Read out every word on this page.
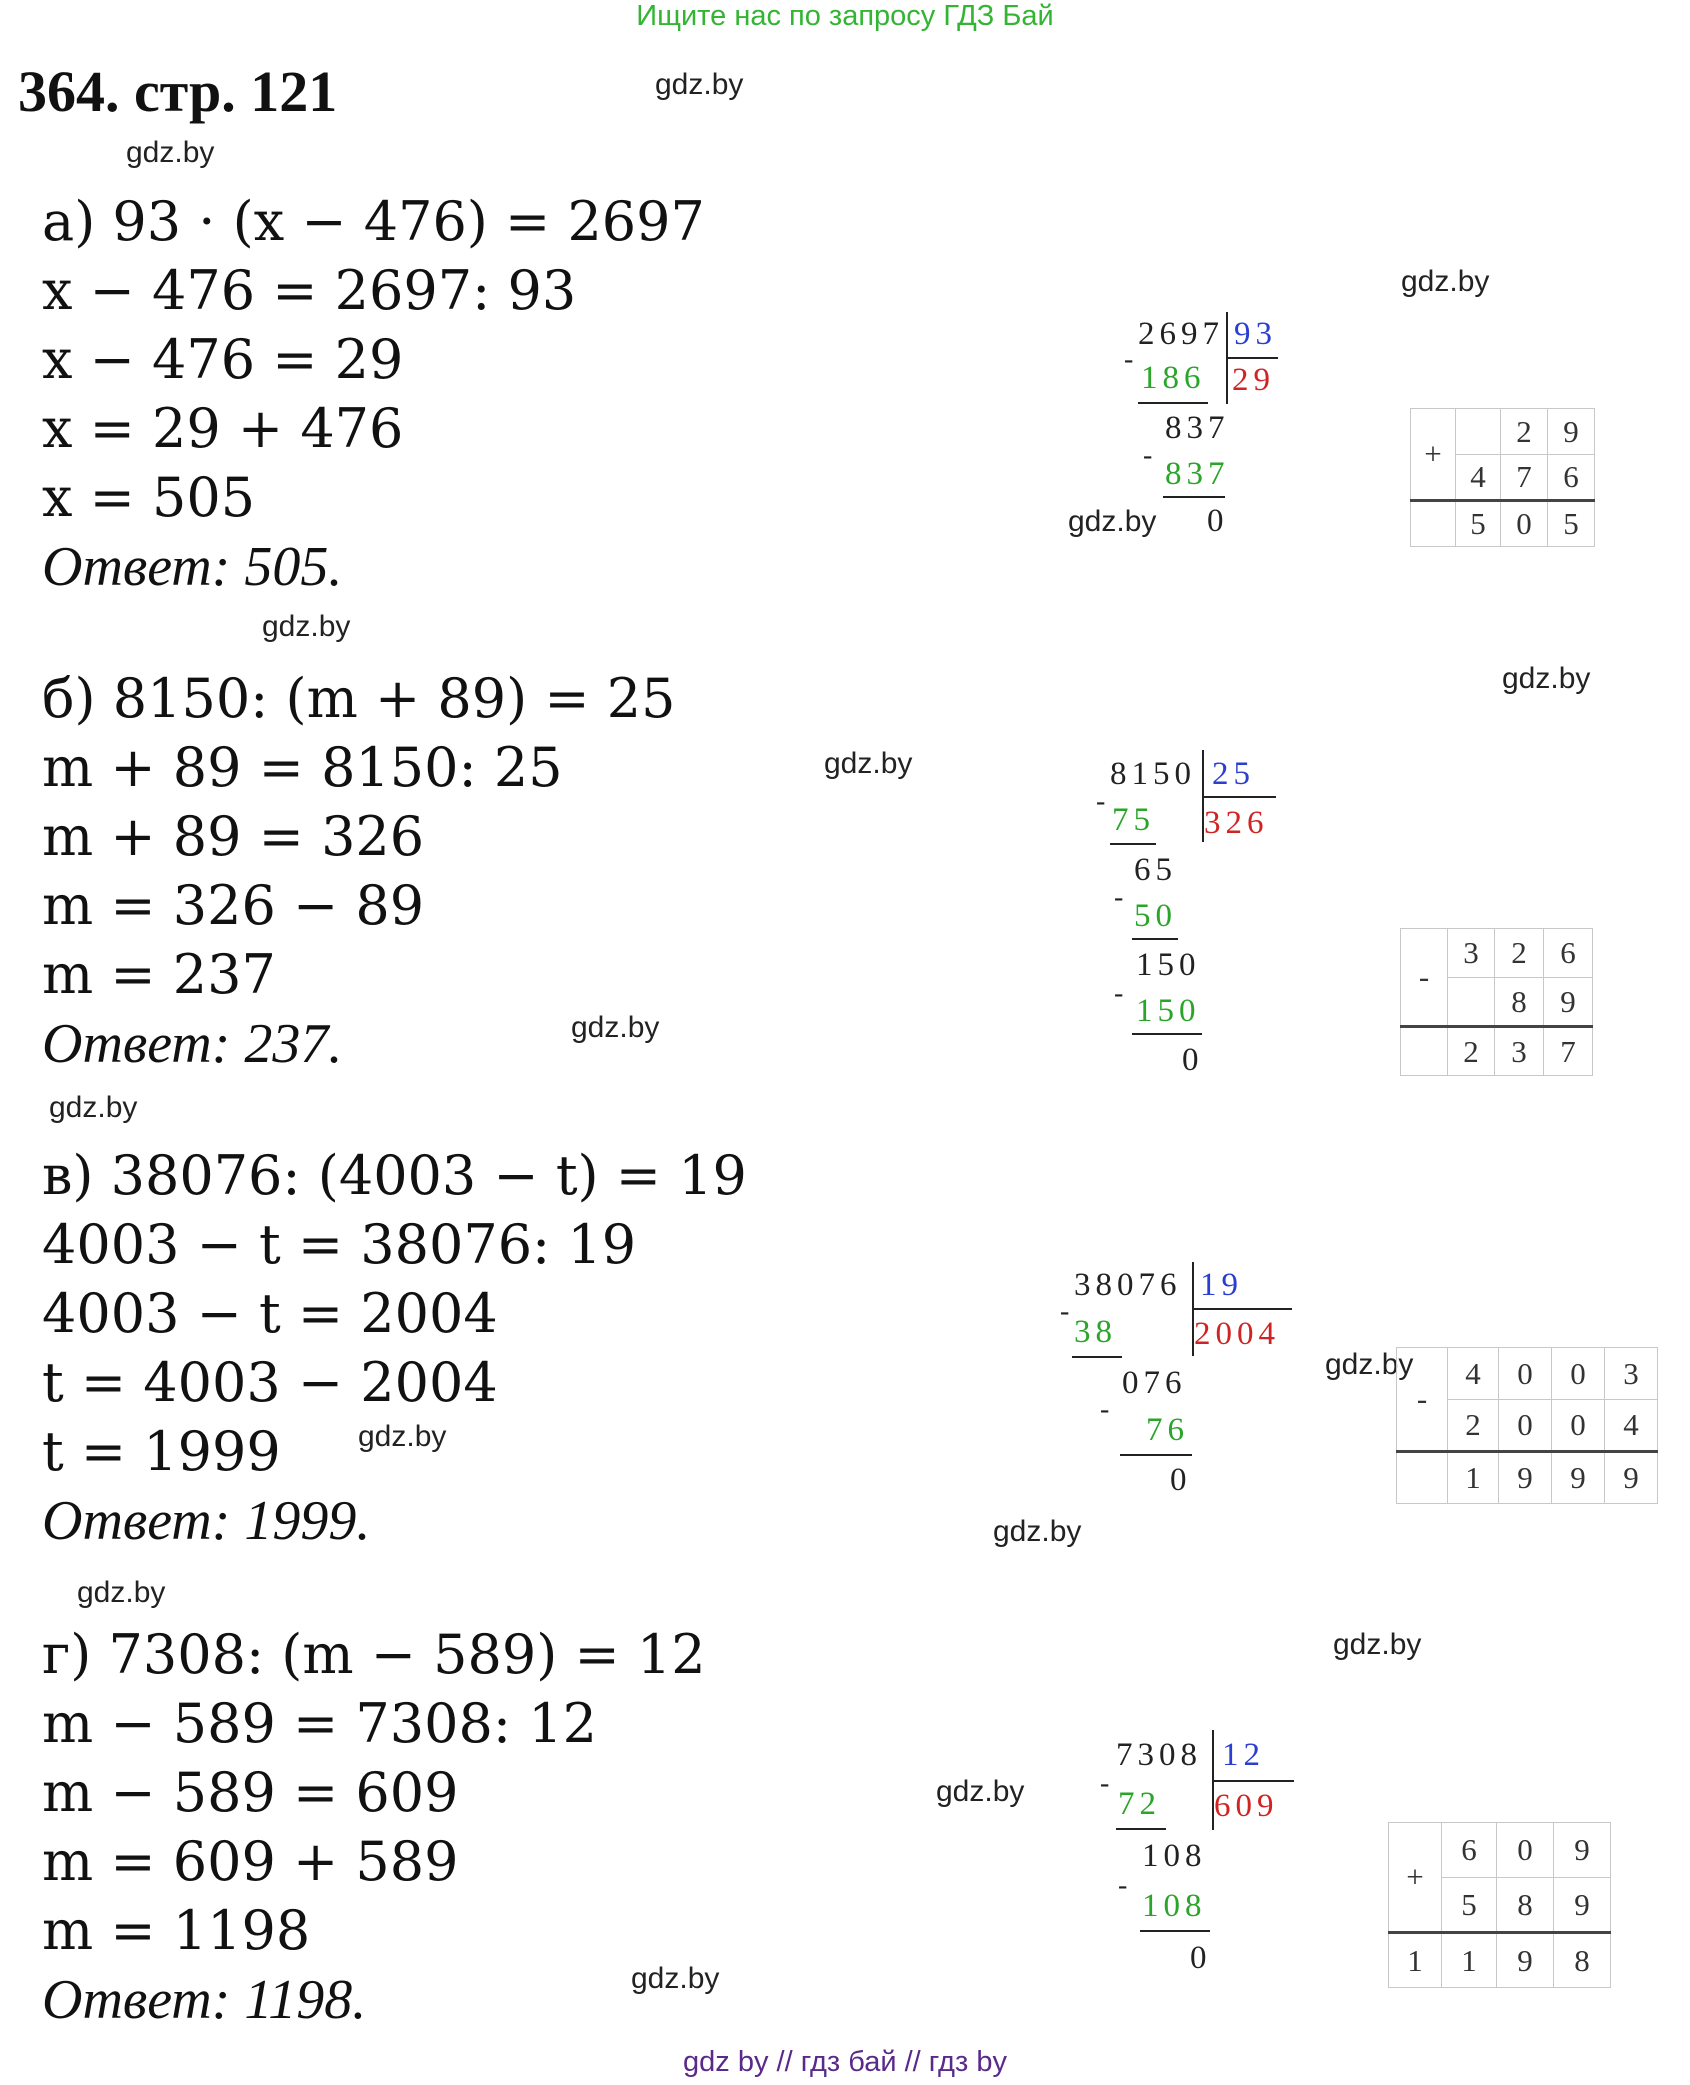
Ищите нас по запросу ГДЗ Бай
364. стр. 121	gdz.by
gdz.by
gdz.by
gdz.by
gdz.by
gdz.by
gdz.by
gdz.by
gdz.by
gdz.by
gdz.by
gdz.by
gdz.by
gdz.by
gdz.by
gdz.by
а) 93 · (x − 476) = 2697
x − 476 = 2697: 93
x − 476 = 29
x = 29 + 476
x = 505
Ответ: 505.
2697 93
-
186 29
837
-
837
0
+		2	9
	4	7	6
	5	0	5
б) 8150: (m + 89) = 25
m + 89 = 8150: 25
m + 89 = 326
m = 326 − 89
m = 237
Ответ: 237.
8150 25
-
75 326
65
-
50
150
- 150
0
-	3	2	6
		8	9
	2	3	7
в) 38076: (4003 − t) = 19
4003 − t = 38076: 19
4003 − t = 2004
t = 4003 − 2004
t = 1999
Ответ: 1999.
38076 19
-
38 2004
076
-
76
0
-	4	0	0	3
	2	0	0	4
	1	9	9	9
г) 7308: (m − 589) = 12
m − 589 = 7308: 12
m − 589 = 609
m = 609 + 589
m = 1198
Ответ: 1198.
7308 12
-
72 609
108
-
108
0
+	6	0	9
	5	8	9
1	1	9	8
gdz by // гдз бай // гдз by
